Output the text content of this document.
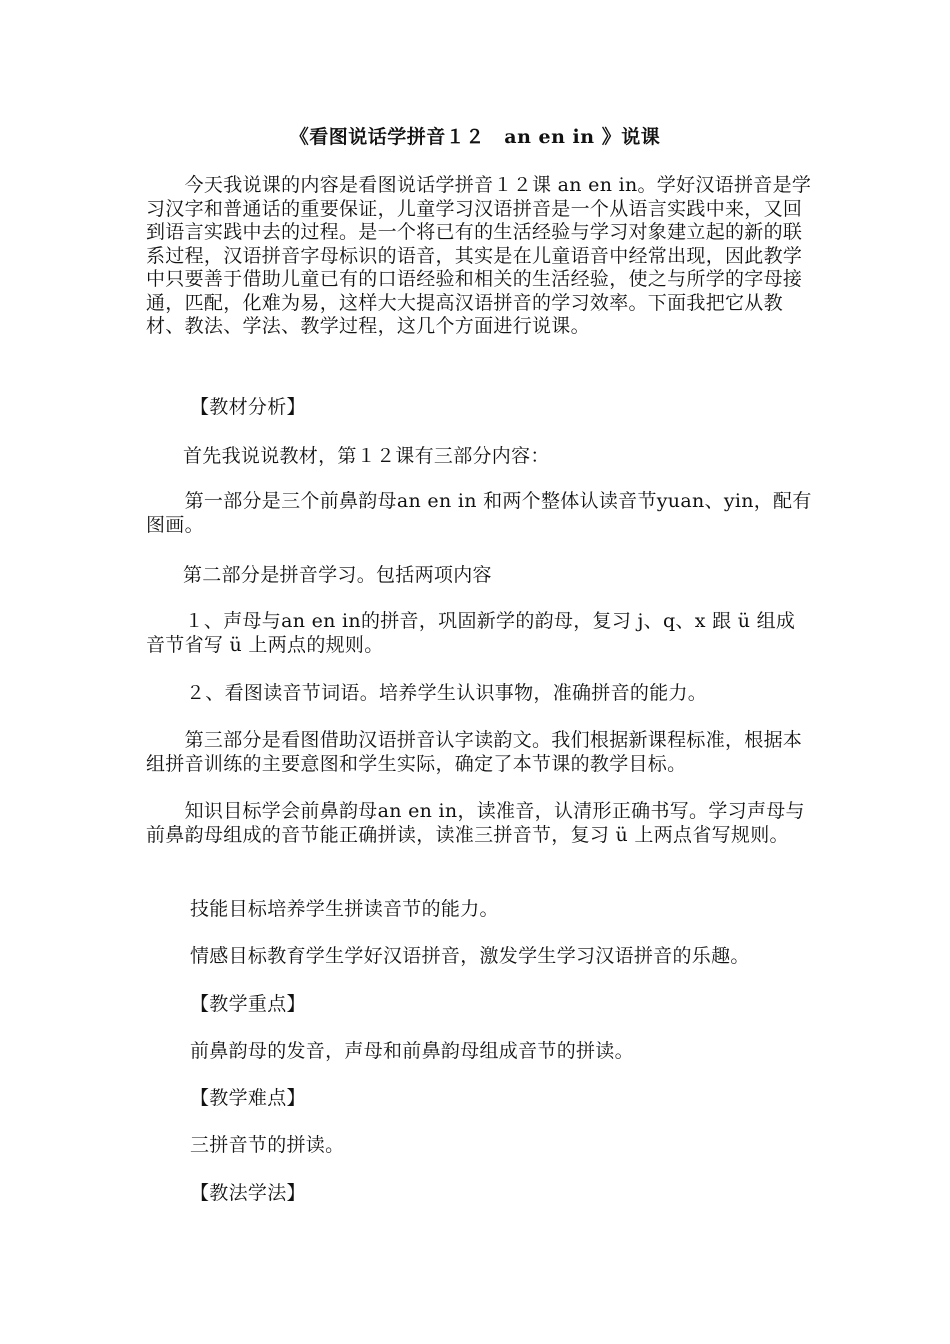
《看图说话学拼音１２　an en in 》说课
　　今天我说课的内容是看图说话学拼音１２课 an en in。学好汉语拼音是学习汉字和普通话的重要保证，儿童学习汉语拼音是一个从语言实践中来，又回到语言实践中去的过程。是一个将已有的生活经验与学习对象建立起的新的联系过程，汉语拼音字母标识的语音，其实是在儿童语音中经常出现，因此教学中只要善于借助儿童已有的口语经验和相关的生活经验，使之与所学的字母接通，匹配，化难为易，这样大大提高汉语拼音的学习效率。下面我把它从教材、教法、学法、教学过程，这几个方面进行说课。
【教材分析】
首先我说说教材，第１２课有三部分内容：
　　第一部分是三个前鼻韵母an en in 和两个整体认读音节yuan、yin，配有图画。
第二部分是拼音学习。包括两项内容
　　１、声母与an en in的拼音，巩固新学的韵母，复习 j、q、x 跟 ü 组成音节省写 ü 上两点的规则。
２、看图读音节词语。培养学生认识事物，准确拼音的能力。
　　第三部分是看图借助汉语拼音认字读韵文。我们根据新课程标准，根据本组拼音训练的主要意图和学生实际，确定了本节课的教学目标。
　　知识目标学会前鼻韵母an en in，读准音，认清形正确书写。学习声母与前鼻韵母组成的音节能正确拼读，读准三拼音节，复习 ü 上两点省写规则。
技能目标培养学生拼读音节的能力。
情感目标教育学生学好汉语拼音，激发学生学习汉语拼音的乐趣。
【教学重点】
前鼻韵母的发音，声母和前鼻韵母组成音节的拼读。
【教学难点】
三拼音节的拼读。
【教法学法】
